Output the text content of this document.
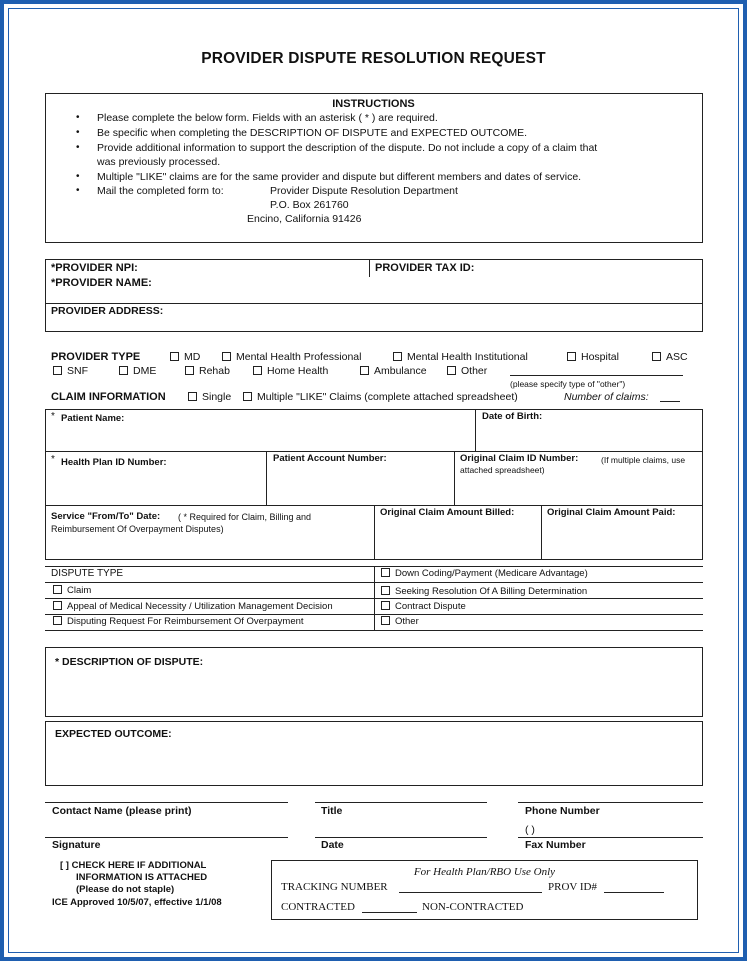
PROVIDER DISPUTE RESOLUTION REQUEST
INSTRUCTIONS
• Please complete the below form. Fields with an asterisk ( * ) are required.
• Be specific when completing the DESCRIPTION OF DISPUTE and EXPECTED OUTCOME.
• Provide additional information to support the description of the dispute. Do not include a copy of a claim that
was previously processed.
• Multiple "LIKE" claims are for the same provider and dispute but different members and dates of service.
• Mail the completed form to:	Provider Dispute Resolution Department
P.O. Box 261760
Encino, California 91426
*PROVIDER NPI:	PROVIDER TAX ID:
*PROVIDER NAME:
PROVIDER ADDRESS:
PROVIDER TYPE	MD	Mental Health Professional	Mental Health Institutional	Hospital	ASC
SNF	DME	Rehab	Home Health	Ambulance	Other
(please specify type of "other")
CLAIM INFORMATION	Single	Multiple "LIKE" Claims (complete attached spreadsheet)	Number of claims:
* Patient Name:	Date of Birth:
* Health Plan ID Number:	Patient Account Number:	Original Claim ID Number:	(If multiple claims, use
attached spreadsheet)
Service "From/To" Date: ( * Required for Claim, Billing and
Reimbursement Of Overpayment Disputes)
Original Claim Amount Billed:	Original Claim Amount Paid:
DISPUTE TYPE
Claim
Appeal of Medical Necessity / Utilization Management Decision
Disputing Request For Reimbursement Of Overpayment
Down Coding/Payment (Medicare Advantage)
Seeking Resolution Of A Billing Determination
Contract Dispute
Other
* DESCRIPTION OF DISPUTE:
EXPECTED OUTCOME:
Contact Name (please print)	Title	Phone Number
( )
Signature	Date	Fax Number
[ ] CHECK HERE IF ADDITIONAL
INFORMATION IS ATTACHED
(Please do not staple)
ICE Approved 10/5/07, effective 1/1/08
For Health Plan/RBO Use Only
TRACKING NUMBER	PROV ID#
CONTRACTED	NON-CONTRACTED
